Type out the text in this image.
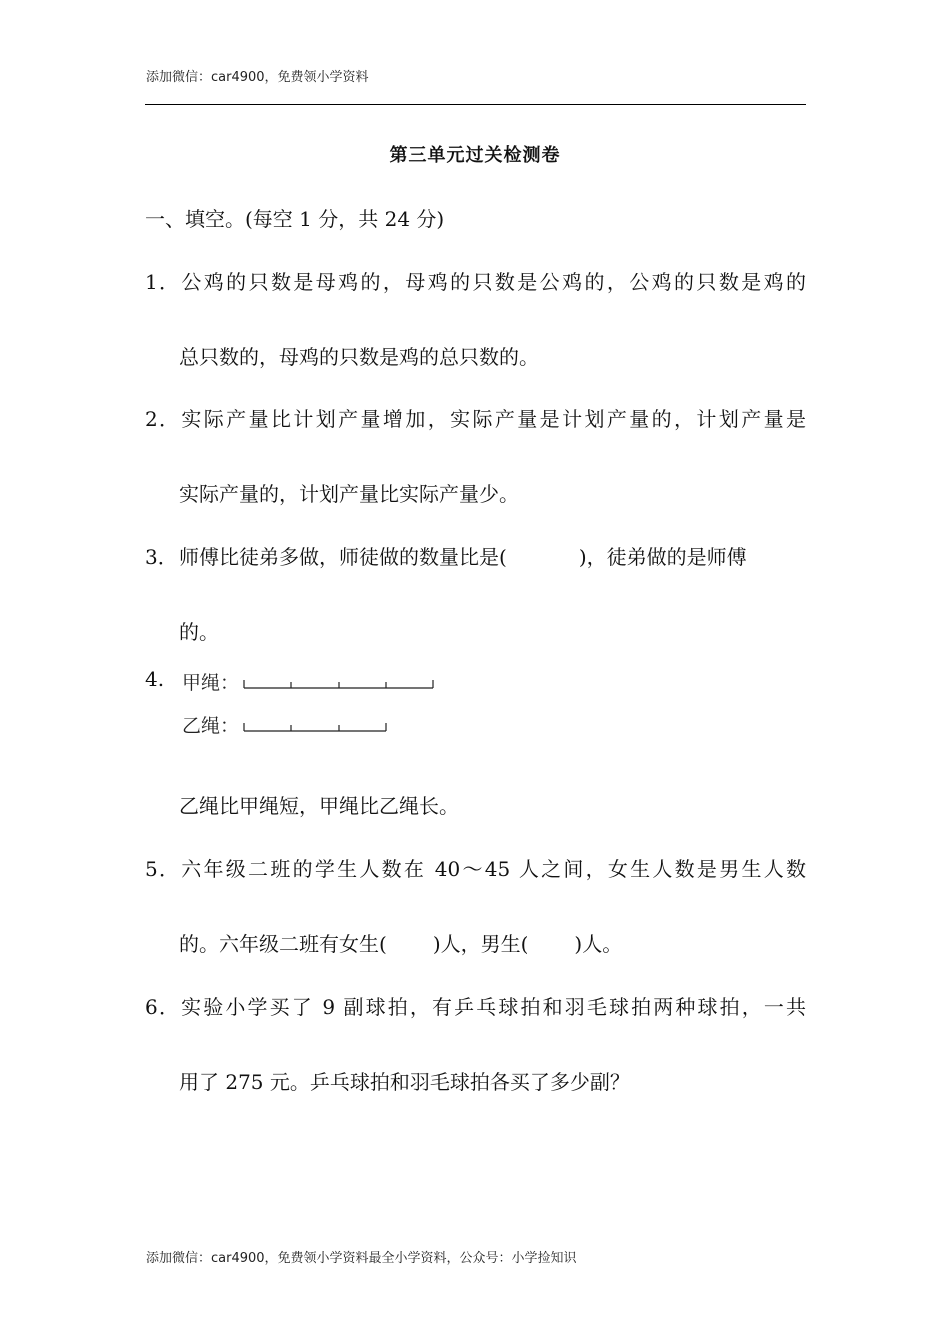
添加微信：car4900，免费领小学资料
第三单元过关检测卷
一、填空。(每空 1 分，共 24 分)
1．公鸡的只数是母鸡的，母鸡的只数是公鸡的，公鸡的只数是鸡的
总只数的，母鸡的只数是鸡的总只数的。
2．实际产量比计划产量增加，实际产量是计划产量的，计划产量是
实际产量的，计划产量比实际产量少。
3．师傅比徒弟多做，师徒做的数量比是(	)，徒弟做的是师傅
的。
4. 甲绳：
乙绳：
乙绳比甲绳短，甲绳比乙绳长。
5．六年级二班的学生人数在 40～45 人之间，女生人数是男生人数
的。六年级二班有女生( )人，男生( )人。
6．实验小学买了 9 副球拍，有乒乓球拍和羽毛球拍两种球拍，一共
用了 275 元。乒乓球拍和羽毛球拍各买了多少副？
添加微信：car4900，免费领小学资料最全小学资料，公众号：小学捡知识
